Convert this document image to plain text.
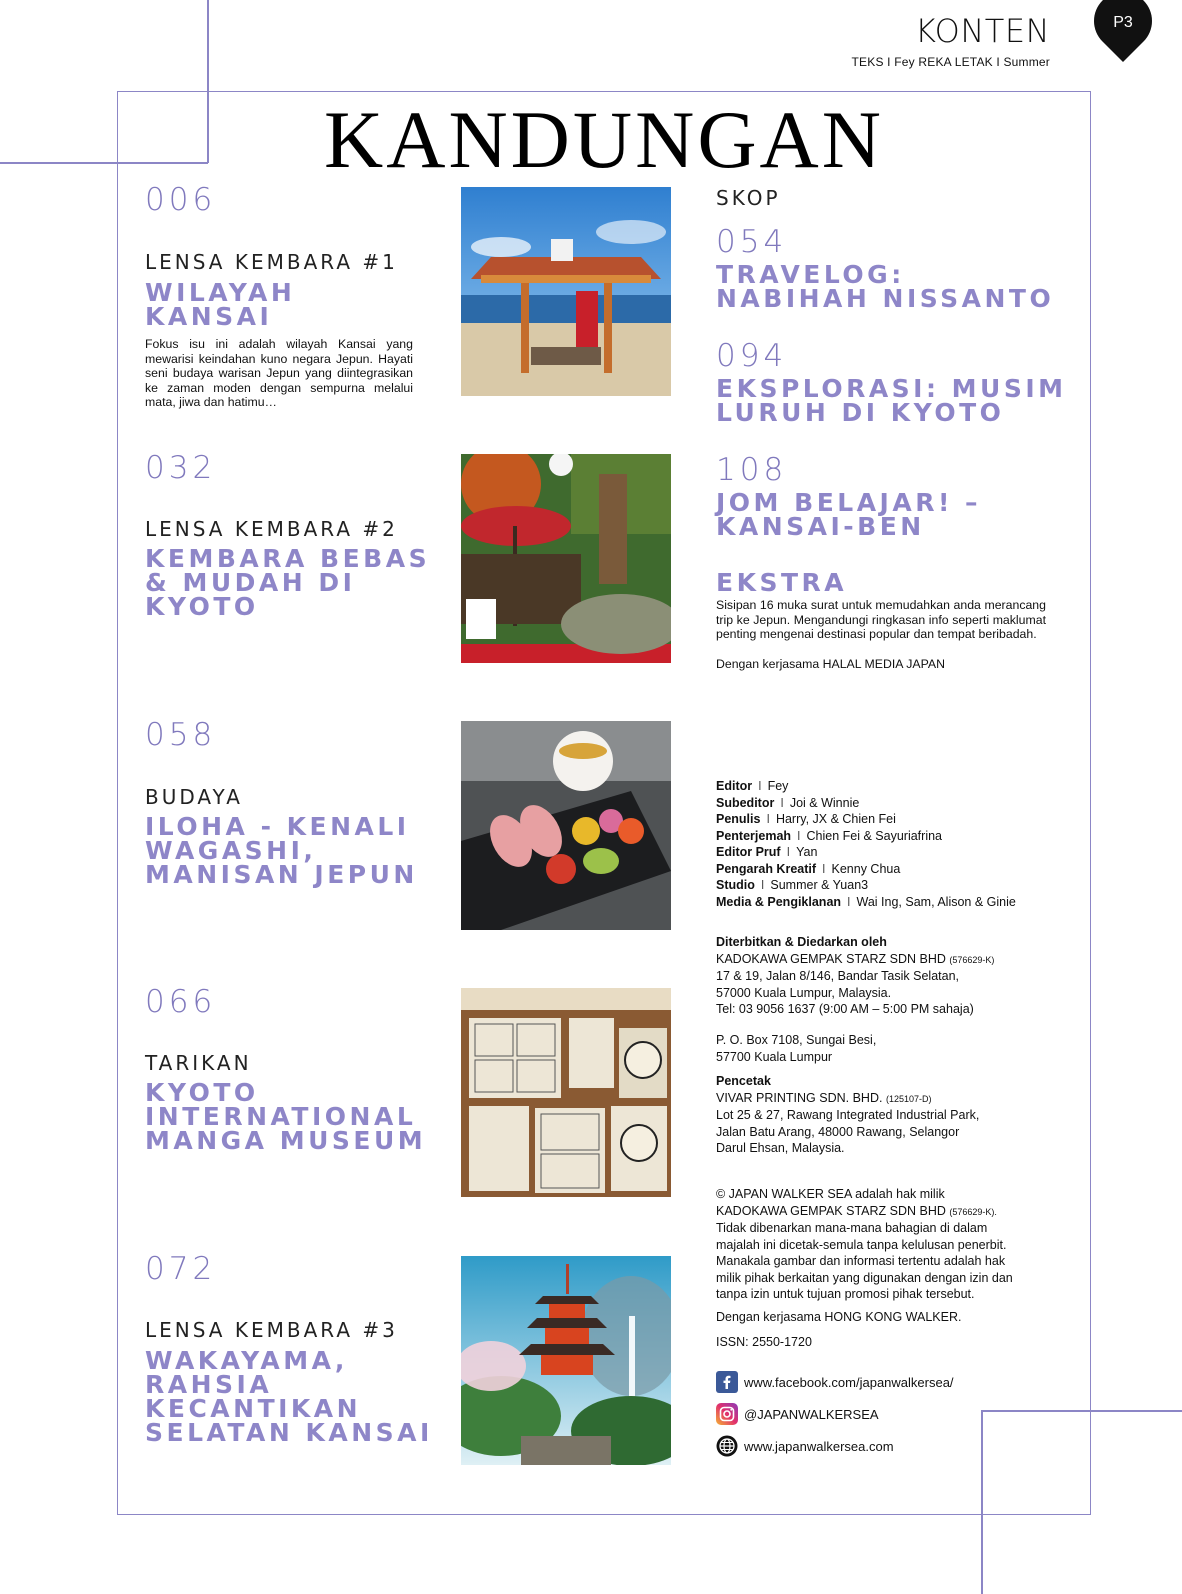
KONTEN
TEKS I Fey REKA LETAK I Summer
P3
KANDUNGAN
006
LENSA KEMBARA #1
WILAYAH
KANSAI
Fokus isu ini adalah wilayah Kansai yang mewarisi keindahan kuno negara Jepun. Hayati seni budaya warisan Jepun yang diintegrasikan ke zaman moden dengan sempurna melalui mata, jiwa dan hatimu…
032
LENSA KEMBARA #2
KEMBARA BEBAS
& MUDAH DI
KYOTO
058
BUDAYA
ILOHA - KENALI
WAGASHI,
MANISAN JEPUN
066
TARIKAN
KYOTO
INTERNATIONAL
MANGA MUSEUM
072
LENSA KEMBARA #3
WAKAYAMA,
RAHSIA
KECANTIKAN
SELATAN KANSAI
SKOP
054
TRAVELOG:
NABIHAH NISSANTO
094
EKSPLORASI: MUSIM
LURUH DI KYOTO
108
JOM BELAJAR! –
KANSAI-BEN
EKSTRA
Sisipan 16 muka surat untuk memudahkan anda merancang trip ke Jepun. Mengandungi ringkasan info seperti maklumat penting mengenai destinasi popular dan tempat beribadah.
Dengan kerjasama HALAL MEDIA JAPAN
Editor I Fey
Subeditor I Joi & Winnie
Penulis I Harry, JX & Chien Fei
Penterjemah I Chien Fei & Sayuriafrina
Editor Pruf I Yan
Pengarah Kreatif I Kenny Chua
Studio I Summer & Yuan3
Media & Pengiklanan I Wai Ing, Sam, Alison & Ginie
Diterbitkan & Diedarkan oleh
KADOKAWA GEMPAK STARZ SDN BHD (576629-K)
17 & 19, Jalan 8/146, Bandar Tasik Selatan,
57000 Kuala Lumpur, Malaysia.
Tel: 03 9056 1637 (9:00 AM – 5:00 PM sahaja)
P. O. Box 7108, Sungai Besi,
57700 Kuala Lumpur
Pencetak
VIVAR PRINTING SDN. BHD. (125107-D)
Lot 25 & 27, Rawang Integrated Industrial Park,
Jalan Batu Arang, 48000 Rawang, Selangor
Darul Ehsan, Malaysia.
© JAPAN WALKER SEA adalah hak milik
KADOKAWA GEMPAK STARZ SDN BHD (576629-K).
Tidak dibenarkan mana-mana bahagian di dalam
majalah ini dicetak-semula tanpa kelulusan penerbit.
Manakala gambar dan informasi tertentu adalah hak
milik pihak berkaitan yang digunakan dengan izin dan
tanpa izin untuk tujuan promosi pihak tersebut.
Dengan kerjasama HONG KONG WALKER.
ISSN: 2550-1720
www.facebook.com/japanwalkersea/
@JAPANWALKERSEA
www.japanwalkersea.com
